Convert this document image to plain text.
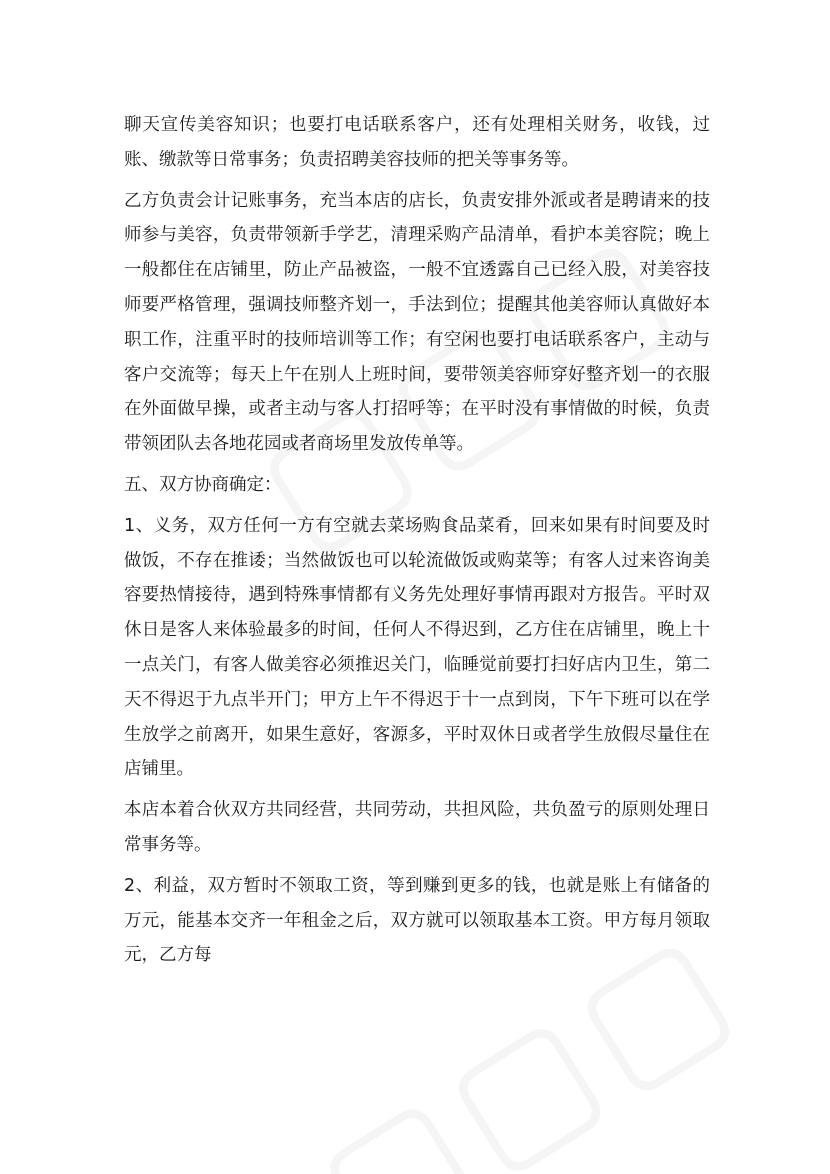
聊天宣传美容知识；也要打电话联系客户，还有处理相关财务，收钱，过账、缴款等日常事务；负责招聘美容技师的把关等事务等。

乙方负责会计记账事务，充当本店的店长，负责安排外派或者是聘请来的技师参与美容，负责带领新手学艺，清理采购产品清单，看护本美容院；晚上一般都住在店铺里，防止产品被盗，一般不宜透露自己已经入股，对美容技师要严格管理，强调技师整齐划一，手法到位；提醒其他美容师认真做好本职工作，注重平时的技师培训等工作；有空闲也要打电话联系客户，主动与客户交流等；每天上午在别人上班时间，要带领美容师穿好整齐划一的衣服在外面做早操，或者主动与客人打招呼等；在平时没有事情做的时候，负责带领团队去各地花园或者商场里发放传单等。

五、双方协商确定：

1、义务，双方任何一方有空就去菜场购食品菜肴，回来如果有时间要及时做饭，不存在推诿；当然做饭也可以轮流做饭或购菜等；有客人过来咨询美容要热情接待，遇到特殊事情都有义务先处理好事情再跟对方报告。平时双休日是客人来体验最多的时间，任何人不得迟到，乙方住在店铺里，晚上十一点关门，有客人做美容必须推迟关门，临睡觉前要打扫好店内卫生，第二天不得迟于九点半开门；甲方上午不得迟于十一点到岗，下午下班可以在学生放学之前离开，如果生意好，客源多，平时双休日或者学生放假尽量住在店铺里。

本店本着合伙双方共同经营，共同劳动，共担风险，共负盈亏的原则处理日常事务等。

2、利益，双方暂时不领取工资，等到赚到更多的钱，也就是账上有储备的万元，能基本交齐一年租金之后，双方就可以领取基本工资。甲方每月领取元，乙方每
